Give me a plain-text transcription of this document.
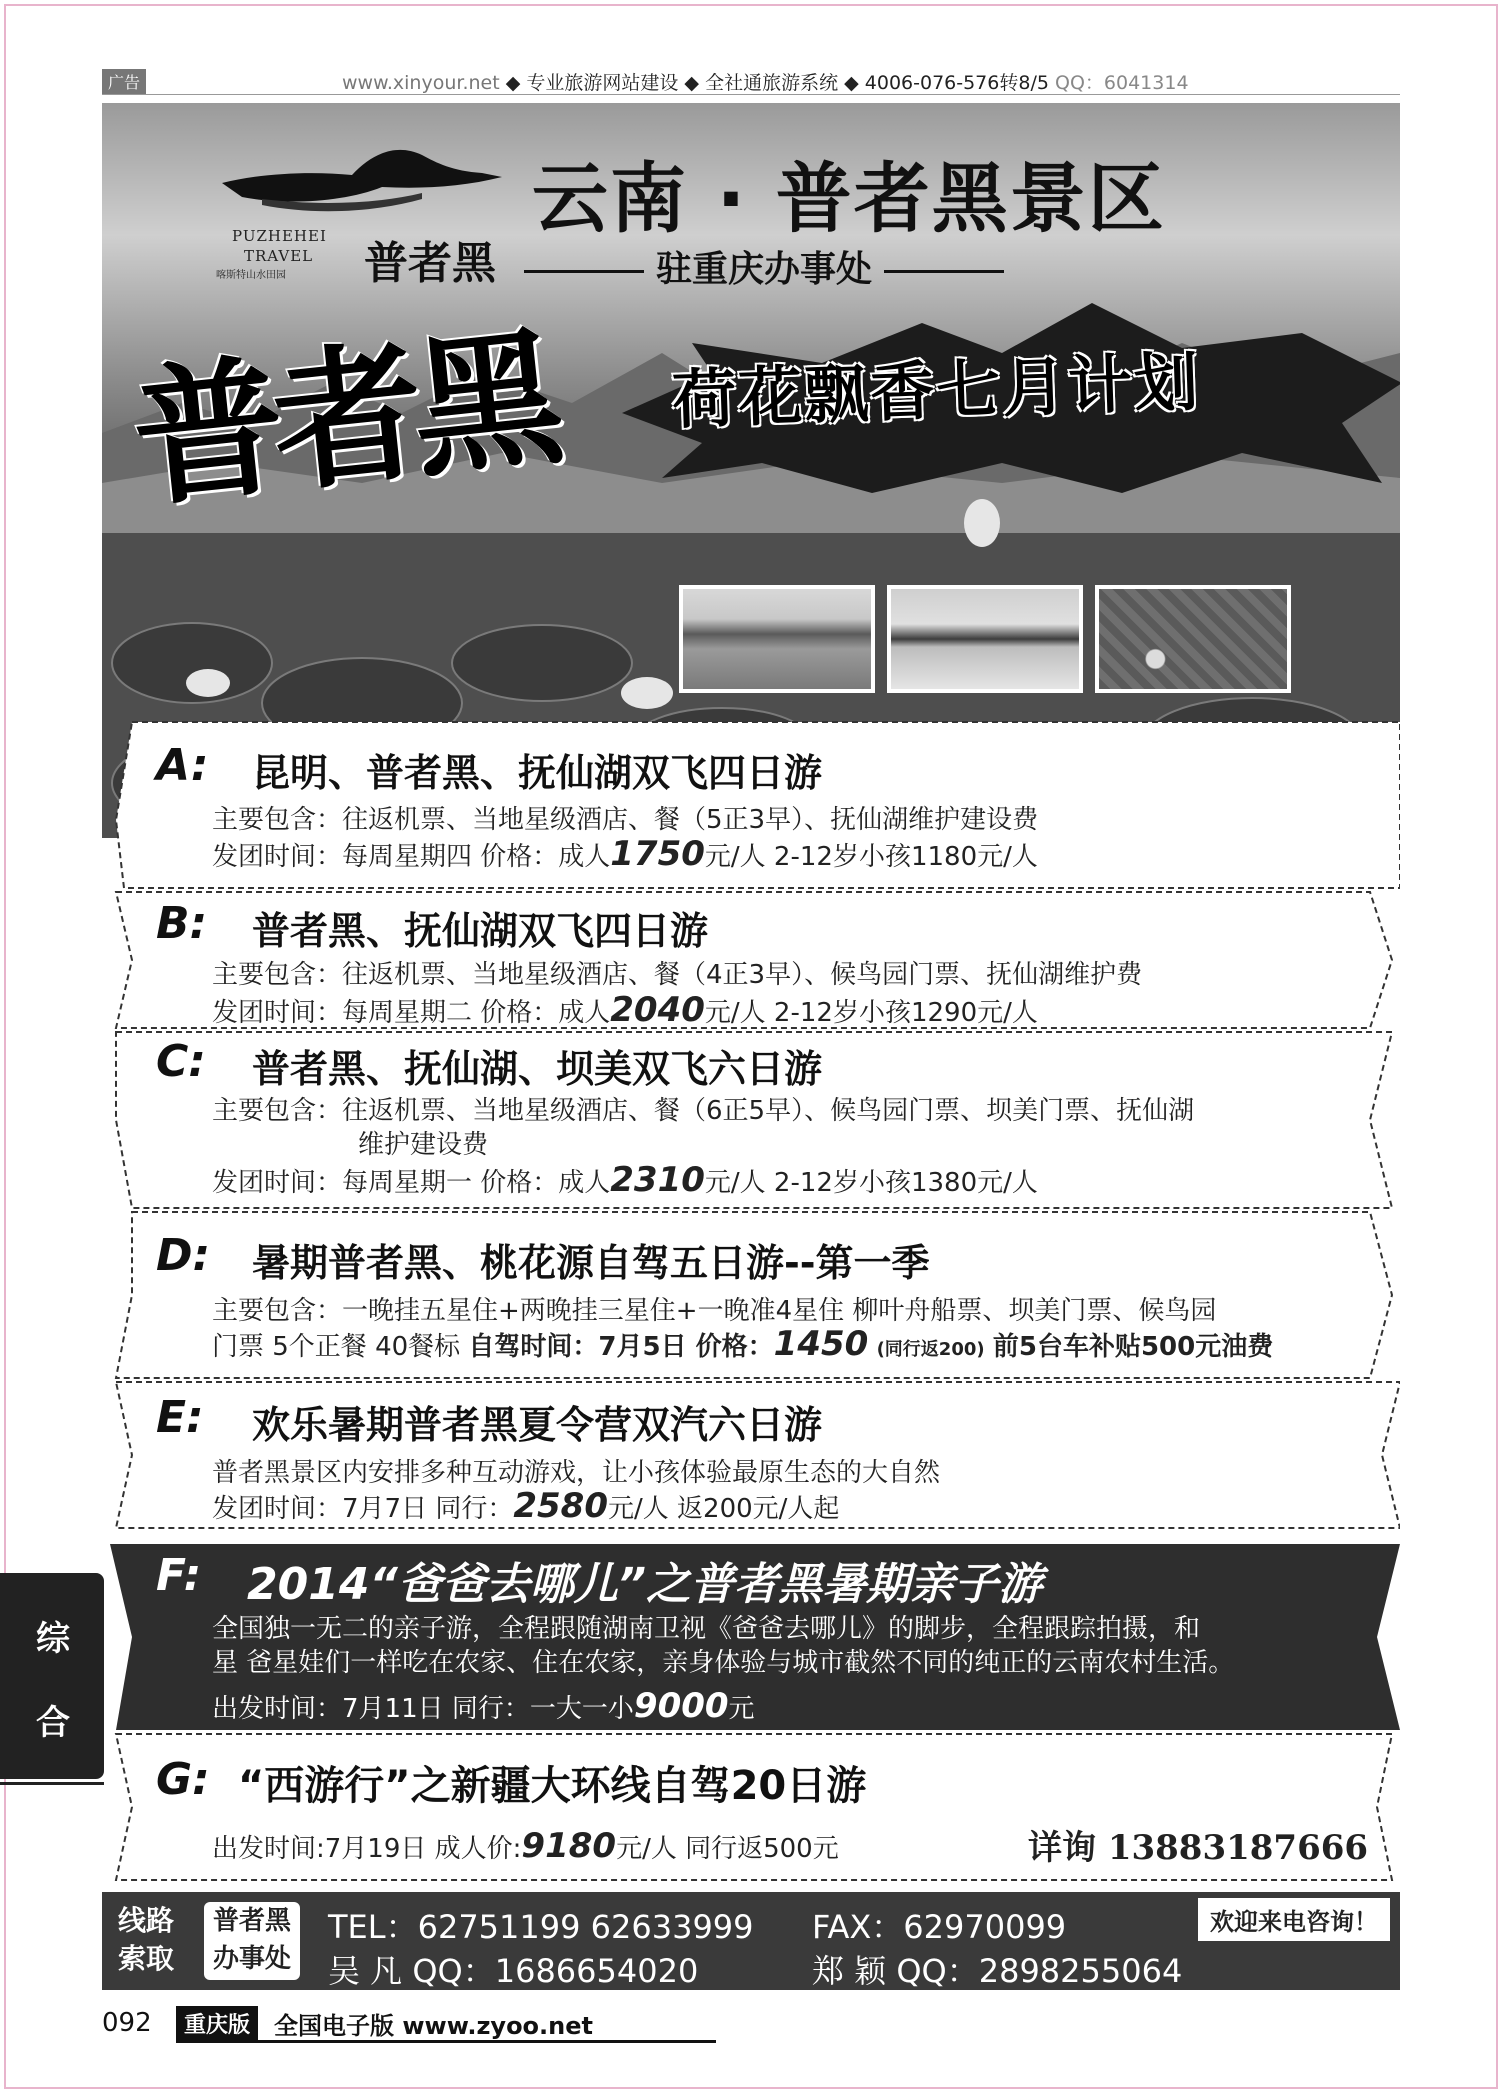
广告	www.xinyour.net ◆ 专业旅游网站建设 ◆ 全社通旅游系统 ◆ 4006-076-576转8/5 QQ：6041314
PUZHEHEI
TRAVEL
喀斯特山水田园 普者黑
云南 · 普者黑景区
驻重庆办事处
普者黑 荷花飘香七月计划
A: 昆明、普者黑、抚仙湖双飞四日游
主要包含：往返机票、当地星级酒店、餐（5正3早）、抚仙湖维护建设费
发团时间：每周星期四 价格：成人1750元/人 2-12岁小孩1180元/人
B: 普者黑、抚仙湖双飞四日游
主要包含：往返机票、当地星级酒店、餐（4正3早）、候鸟园门票、抚仙湖维护费
发团时间：每周星期二 价格：成人2040元/人 2-12岁小孩1290元/人
C: 普者黑、抚仙湖、坝美双飞六日游
主要包含：往返机票、当地星级酒店、餐（6正5早）、候鸟园门票、坝美门票、抚仙湖
维护建设费
发团时间：每周星期一 价格：成人2310元/人 2-12岁小孩1380元/人
D: 暑期普者黑、桃花源自驾五日游--第一季
主要包含：一晚挂五星住+两晚挂三星住+一晚准4星住 柳叶舟船票、坝美门票、候鸟园
门票 5个正餐 40餐标 自驾时间：7月5日 价格：1450 (同行返200) 前5台车补贴500元油费
E: 欢乐暑期普者黑夏令营双汽六日游
普者黑景区内安排多种互动游戏，让小孩体验最原生态的大自然
发团时间：7月7日 同行：2580元/人 返200元/人起
F: 2014“爸爸去哪儿”之普者黑暑期亲子游
全国独一无二的亲子游，全程跟随湖南卫视《爸爸去哪儿》的脚步，全程跟踪拍摄，和
星 爸星娃们一样吃在农家、住在农家，亲身体验与城市截然不同的纯正的云南农村生活。
出发时间：7月11日 同行：一大一小9000元
G: “西游行”之新疆大环线自驾20日游
出发时间:7月19日 成人价:9180元/人 同行返500元	详询 13883187666
线路
索取
普者黑
办事处
TEL：62751199 62633999 FAX：62970099
吴 凡 QQ：1686654020	郑 颖 QQ：2898255064
欢迎来电咨询！
综
合
092	重庆版 全国电子版 www.zyoo.net
